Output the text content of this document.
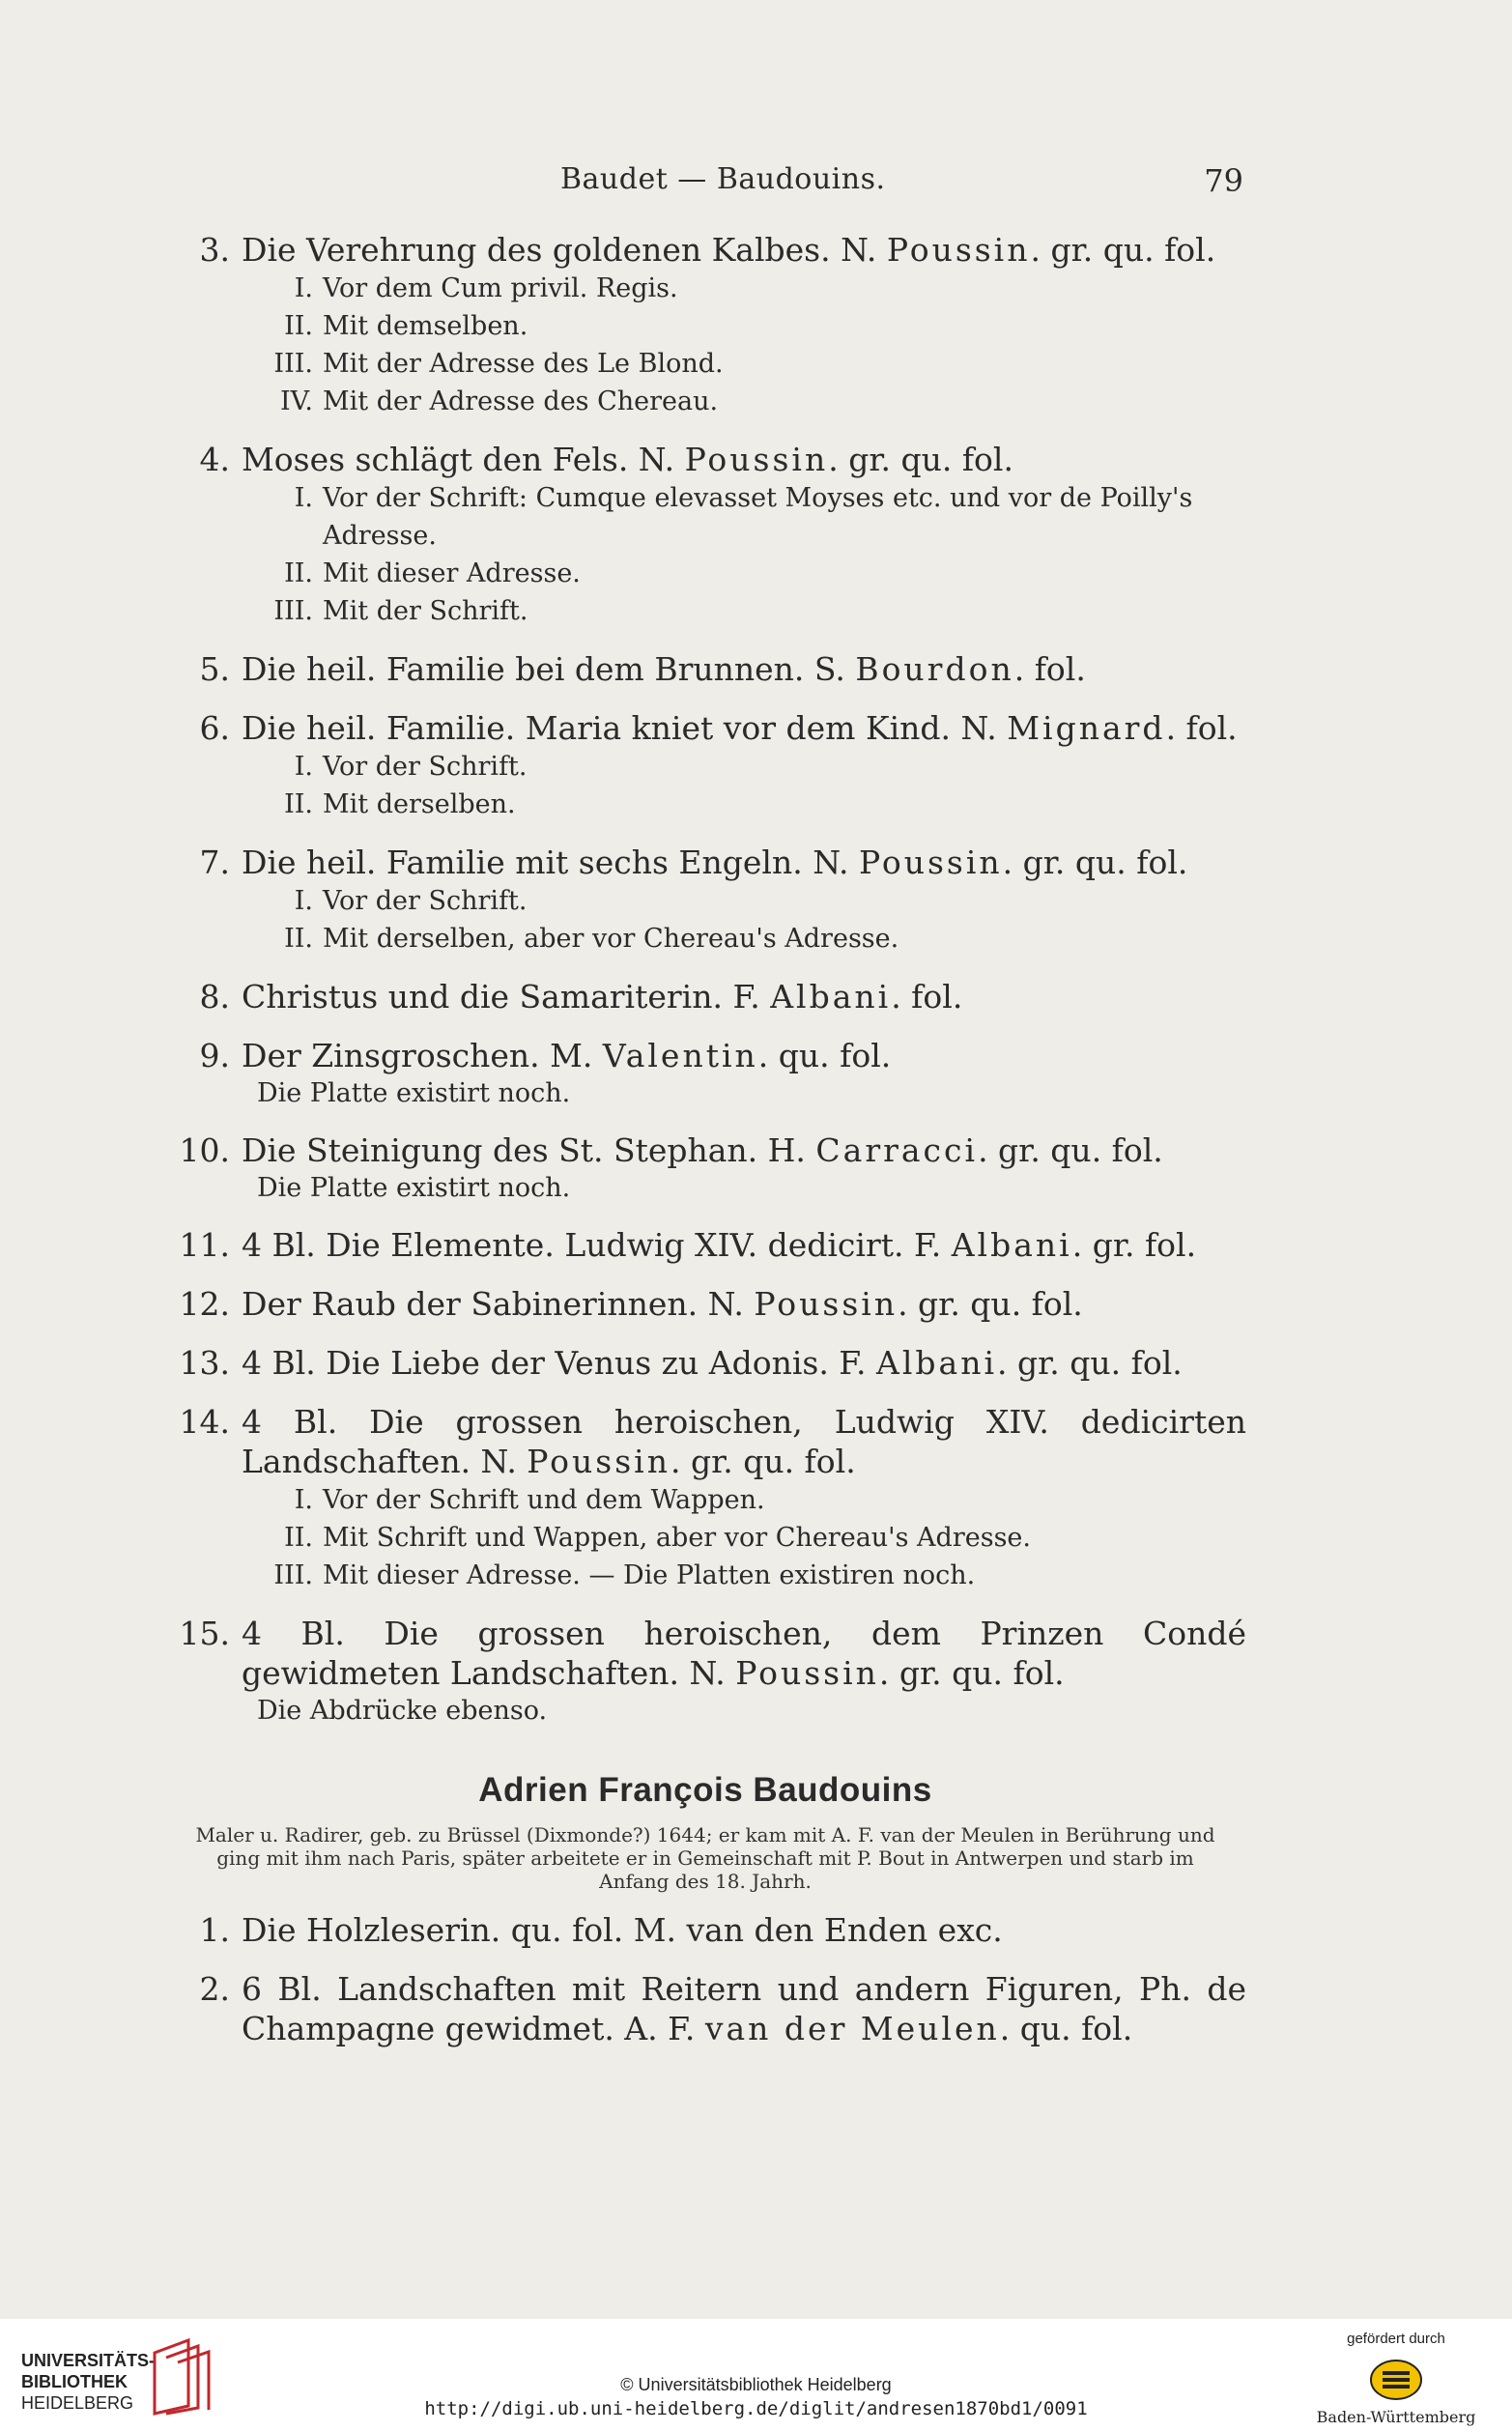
Baudet — Baudouins.	79
3. Die Verehrung des goldenen Kalbes. N. Poussin. gr. qu. fol.
I. Vor dem Cum privil. Regis.
II. Mit demselben.
III. Mit der Adresse des Le Blond.
IV. Mit der Adresse des Chereau.
4. Moses schlägt den Fels. N. Poussin. gr. qu. fol.
I. Vor der Schrift: Cumque elevasset Moyses etc. und vor de Poilly's Adresse.
II. Mit dieser Adresse.
III. Mit der Schrift.
5. Die heil. Familie bei dem Brunnen. S. Bourdon. fol.
6. Die heil. Familie. Maria kniet vor dem Kind. N. Mignard. fol.
I. Vor der Schrift.
II. Mit derselben.
7. Die heil. Familie mit sechs Engeln. N. Poussin. gr. qu. fol.
I. Vor der Schrift.
II. Mit derselben, aber vor Chereau's Adresse.
8. Christus und die Samariterin. F. Albani. fol.
9. Der Zinsgroschen. M. Valentin. qu. fol.
Die Platte existirt noch.
10. Die Steinigung des St. Stephan. H. Carracci. gr. qu. fol.
Die Platte existirt noch.
11. 4 Bl. Die Elemente. Ludwig XIV. dedicirt. F. Albani. gr. fol.
12. Der Raub der Sabinerinnen. N. Poussin. gr. qu. fol.
13. 4 Bl. Die Liebe der Venus zu Adonis. F. Albani. gr. qu. fol.
14. 4 Bl. Die grossen heroischen, Ludwig XIV. dedicirten Landschaften. N. Poussin. gr. qu. fol.
I. Vor der Schrift und dem Wappen.
II. Mit Schrift und Wappen, aber vor Chereau's Adresse.
III. Mit dieser Adresse. — Die Platten existiren noch.
15. 4 Bl. Die grossen heroischen, dem Prinzen Condé gewidmeten Landschaften. N. Poussin. gr. qu. fol.
Die Abdrücke ebenso.
Adrien François Baudouins
Maler u. Radirer, geb. zu Brüssel (Dixmonde?) 1644; er kam mit A. F. van der Meulen in Berührung und ging mit ihm nach Paris, später arbeitete er in Gemeinschaft mit P. Bout in Antwerpen und starb im Anfang des 18. Jahrh.
1. Die Holzleserin. qu. fol. M. van den Enden exc.
2. 6 Bl. Landschaften mit Reitern und andern Figuren, Ph. de Champagne gewidmet. A. F. van der Meulen. qu. fol.
UNIVERSITÄTS-
BIBLIOTHEK
HEIDELBERG
© Universitätsbibliothek Heidelberg
http://digi.ub.uni-heidelberg.de/diglit/andresen1870bd1/0091
gefördert durch
Baden-Württemberg
